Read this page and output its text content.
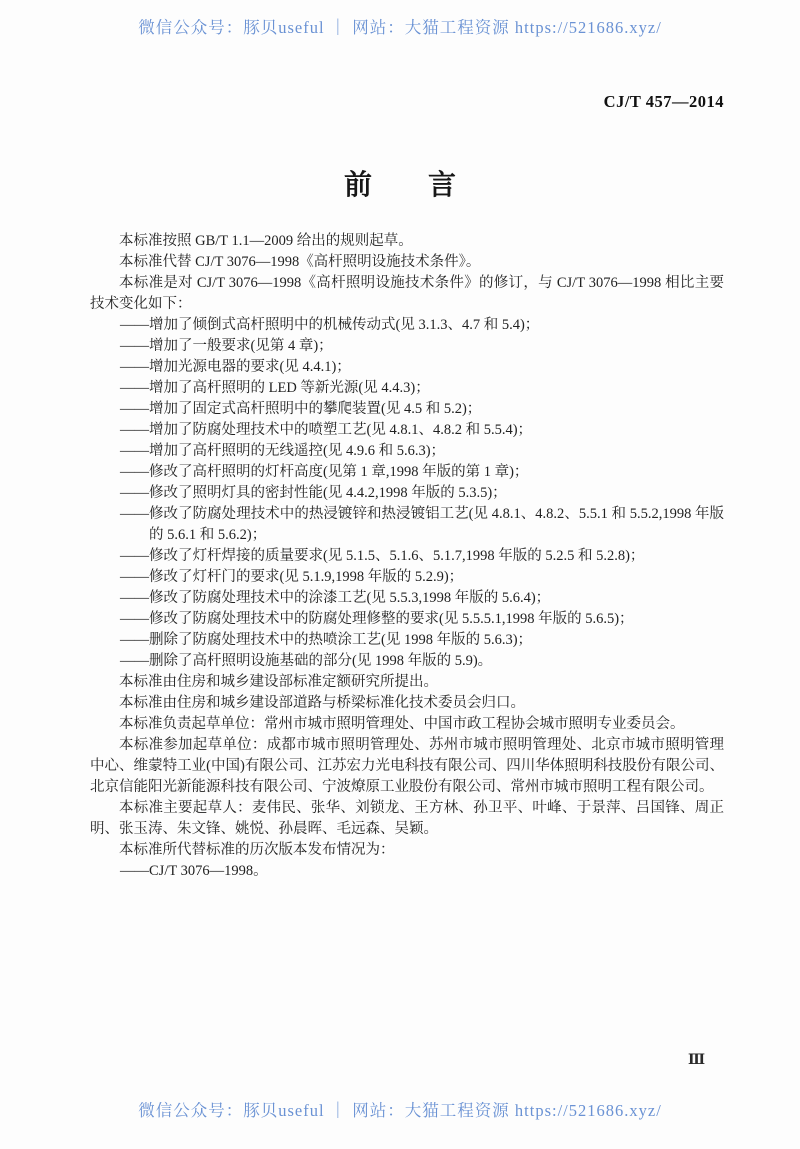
微信公众号：豚贝useful ｜ 网站：大猫工程资源 https://521686.xyz/
CJ/T 457—2014
前　　言

本标准按照 GB/T 1.1—2009 给出的规则起草。

本标准代替 CJ/T 3076—1998《高杆照明设施技术条件》。

本标准是对 CJ/T 3076—1998《高杆照明设施技术条件》的修订，与 CJ/T 3076—1998 相比主要技术变化如下：

——增加了倾倒式高杆照明中的机械传动式(见 3.1.3、4.7 和 5.4)；

——增加了一般要求(见第 4 章)；

——增加光源电器的要求(见 4.4.1)；

——增加了高杆照明的 LED 等新光源(见 4.4.3)；

——增加了固定式高杆照明中的攀爬装置(见 4.5 和 5.2)；

——增加了防腐处理技术中的喷塑工艺(见 4.8.1、4.8.2 和 5.5.4)；

——增加了高杆照明的无线遥控(见 4.9.6 和 5.6.3)；

——修改了高杆照明的灯杆高度(见第 1 章,1998 年版的第 1 章)；

——修改了照明灯具的密封性能(见 4.4.2,1998 年版的 5.3.5)；

——修改了防腐处理技术中的热浸镀锌和热浸镀铝工艺(见 4.8.1、4.8.2、5.5.1 和 5.5.2,1998 年版的 5.6.1 和 5.6.2)；

——修改了灯杆焊接的质量要求(见 5.1.5、5.1.6、5.1.7,1998 年版的 5.2.5 和 5.2.8)；

——修改了灯杆门的要求(见 5.1.9,1998 年版的 5.2.9)；

——修改了防腐处理技术中的涂漆工艺(见 5.5.3,1998 年版的 5.6.4)；

——修改了防腐处理技术中的防腐处理修整的要求(见 5.5.5.1,1998 年版的 5.6.5)；

——删除了防腐处理技术中的热喷涂工艺(见 1998 年版的 5.6.3)；

——删除了高杆照明设施基础的部分(见 1998 年版的 5.9)。

本标准由住房和城乡建设部标准定额研究所提出。

本标准由住房和城乡建设部道路与桥梁标准化技术委员会归口。

本标准负责起草单位：常州市城市照明管理处、中国市政工程协会城市照明专业委员会。

本标准参加起草单位：成都市城市照明管理处、苏州市城市照明管理处、北京市城市照明管理中心、维蒙特工业(中国)有限公司、江苏宏力光电科技有限公司、四川华体照明科技股份有限公司、北京信能阳光新能源科技有限公司、宁波燎原工业股份有限公司、常州市城市照明工程有限公司。

本标准主要起草人：麦伟民、张华、刘锁龙、王方林、孙卫平、叶峰、于景萍、吕国锋、周正明、张玉涛、朱文锋、姚悦、孙晨晖、毛远森、吴颖。

本标准所代替标准的历次版本发布情况为：

——CJ/T 3076—1998。

Ⅲ
微信公众号：豚贝useful ｜ 网站：大猫工程资源 https://521686.xyz/
